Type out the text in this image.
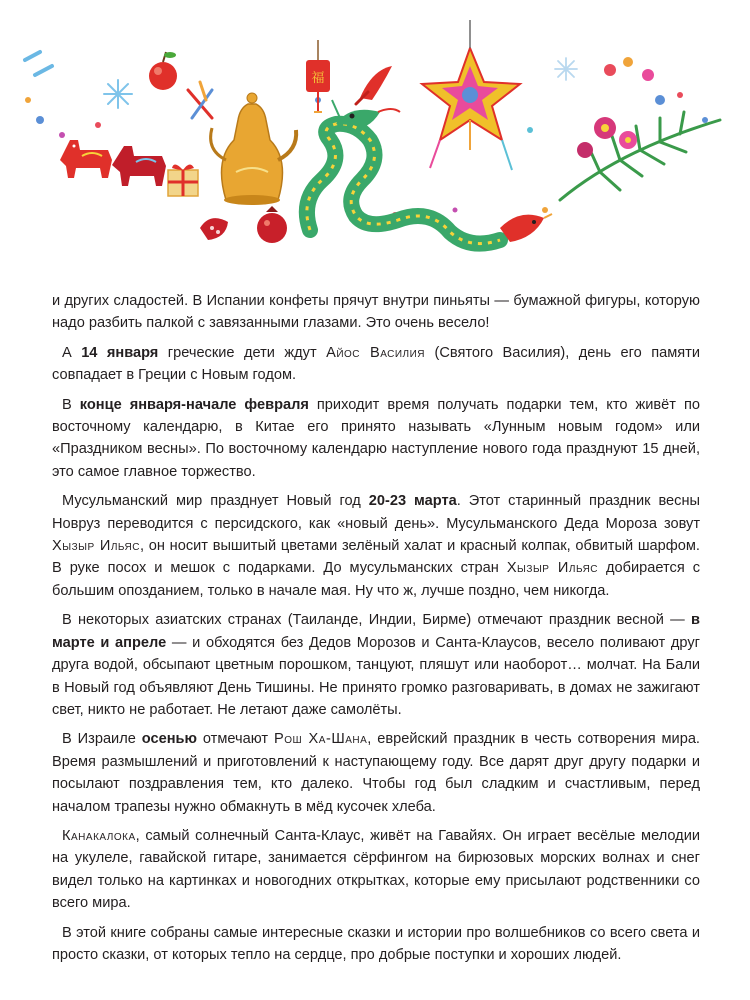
福

и других сладостей. В Испании конфеты прячут внутри пиньяты — бумажной фигуры, которую надо разбить палкой с завязанными глазами. Это очень весело!

А 14 января греческие дети ждут Айос Василия (Святого Василия), день его памяти совпадает в Греции с Новым годом.

В конце января-начале февраля приходит время получать подарки тем, кто живёт по восточному календарю, в Китае его принято называть «Лунным новым годом» или «Праздником весны». По восточному календарю наступление нового года празднуют 15 дней, это самое главное торжество.

Мусульманский мир празднует Новый год 20-23 марта. Этот старинный праздник весны Новруз переводится с персидского, как «новый день». Мусульманского Деда Мороза зовут Хызыр Ильяс, он носит вышитый цветами зелёный халат и красный колпак, обвитый шарфом. В руке посох и мешок с подарками. До мусульманских стран Хызыр Ильяс добирается с большим опозданием, только в начале мая. Ну что ж, лучше поздно, чем никогда.

В некоторых азиатских странах (Таиланде, Индии, Бирме) отмечают праздник весной — в марте и апреле — и обходятся без Дедов Морозов и Санта-Клаусов, весело поливают друг друга водой, обсыпают цветным порошком, танцуют, пляшут или наоборот… молчат. На Бали в Новый год объявляют День Тишины. Не принято громко разговаривать, в домах не зажигают свет, никто не работает. Не летают даже самолёты.

В Израиле осенью отмечают Рош Ха-Шана, еврейский праздник в честь сотворения мира. Время размышлений и приготовлений к наступающему году. Все дарят друг другу подарки и посылают поздравления тем, кто далеко. Чтобы год был сладким и счастливым, перед началом трапезы нужно обмакнуть в мёд кусочек хлеба.

Канакалока, самый солнечный Санта-Клаус, живёт на Гавайях. Он играет весёлые мелодии на укулеле, гавайской гитаре, занимается сёрфингом на бирюзовых морских волнах и снег видел только на картинках и новогодних открытках, которые ему присылают родственники со всего мира.

В этой книге собраны самые интересные сказки и истории про волшебников со всего света и просто сказки, от которых тепло на сердце, про добрые поступки и хороших людей.
